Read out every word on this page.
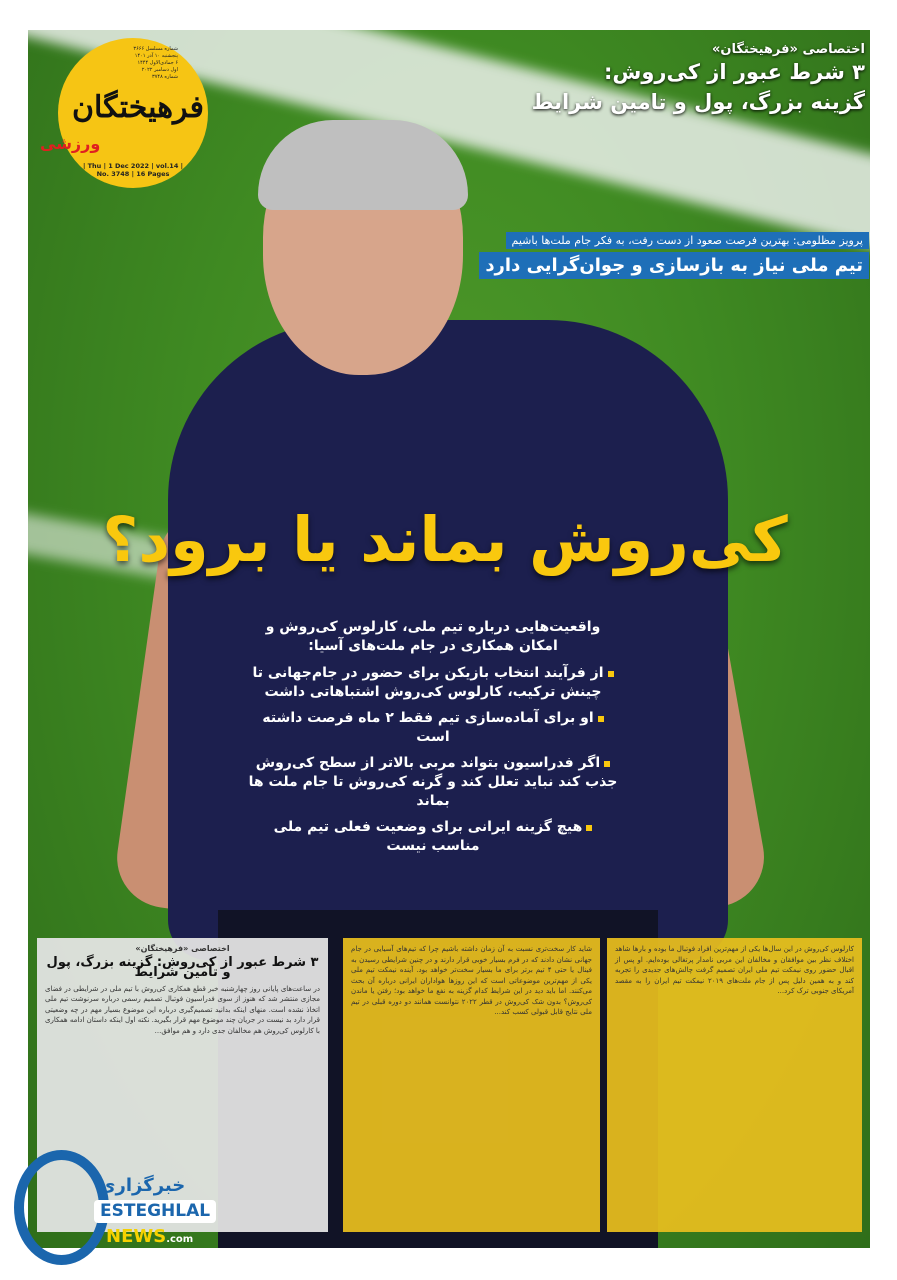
شماره مسلسل ۳۶۶۶
پنجشنبه ۱۰ آذر ۱۴۰۱
۶ جمادی‌الاول ۱۴۴۴
اول دسامبر ۲۰۲۲
شماره ۳۷۴۸
فرهیختگان
ورزشی
| Thu | 1 Dec 2022 | vol.14 |
No. 3748 | 16 Pages
اختصاصی «فرهیختگان»
۳ شرط عبور از کی‌روش:
گزینه بزرگ، پول و تامین شرایط
پرویز مظلومی: بهترین فرصت صعود از دست رفت، به فکر جام ملت‌ها باشیم
تیم ملی نیاز به بازسازی و جوان‌گرایی دارد
کی‌روش بماند یا برود؟
واقعیت‌هایی درباره تیم ملی، کارلوس کی‌روش و امکان همکاری در جام ملت‌های آسیا:
از فرآیند انتخاب بازیکن برای حضور در جام‌جهانی تا چینش ترکیب، کارلوس کی‌روش اشتباهاتی داشت
او برای آماده‌سازی تیم فقط ۲ ماه فرصت داشته است
اگر فدراسیون بتواند مربی بالاتر از سطح کی‌روش جذب کند نباید تعلل کند و گرنه کی‌روش تا جام ملت ها بماند
هیچ گزینه ایرانی برای وضعیت فعلی تیم ملی مناسب نیست
اختصاصی «فرهیختگان»
۳ شرط عبور از کی‌روش: گزینه بزرگ، پول و تامین شرایط
در ساعت‌های پایانی روز چهارشنبه خبر قطع همکاری کی‌روش با تیم ملی در شرایطی در فضای مجازی منتشر شد که هنوز از سوی فدراسیون فوتبال تصمیم رسمی درباره سرنوشت تیم ملی اتخاذ نشده است. منهای اینکه بدانید تصمیم‌گیری درباره این موضوع بسیار مهم در چه وضعیتی قرار دارد بد نیست در جریان چند موضوع مهم قرار بگیرید. نکته اول اینکه داستان ادامه همکاری با کارلوس کی‌روش هم مخالفان جدی دارد و هم موافق...
شاید کار سخت‌تری نسبت به آن زمان داشته باشیم چرا که تیم‌های آسیایی در جام جهانی نشان دادند که در فرم بسیار خوبی قرار دارند و در چنین شرایطی رسیدن به فینال یا حتی ۴ تیم برتر برای ما بسیار سخت‌تر خواهد بود. آینده نیمکت تیم ملی یکی از مهم‌ترین موضوعاتی است که این روزها هواداران ایرانی درباره آن بحث می‌کنند. اما باید دید در این شرایط کدام گزینه به نفع ما خواهد بود؛ رفتن یا ماندن کی‌روش؟ بدون شک کی‌روش در قطر ۲۰۲۲ نتوانست همانند دو دوره قبلی در تیم ملی نتایج قابل قبولی کسب کند...
کارلوس کی‌روش در این سال‌ها یکی از مهم‌ترین افراد فوتبال ما بوده و بارها شاهد اختلاف نظر بین موافقان و مخالفان این مربی نامدار پرتغالی بوده‌ایم. او پس از اقبال حضور روی نیمکت تیم ملی ایران تصمیم گرفت چالش‌های جدیدی را تجربه کند و به همین دلیل پس از جام ملت‌های ۲۰۱۹ نیمکت تیم ایران را به مقصد آمریکای جنوبی ترک کرد...
خبرگزاری
ESTEGHLAL
NEWS.com
